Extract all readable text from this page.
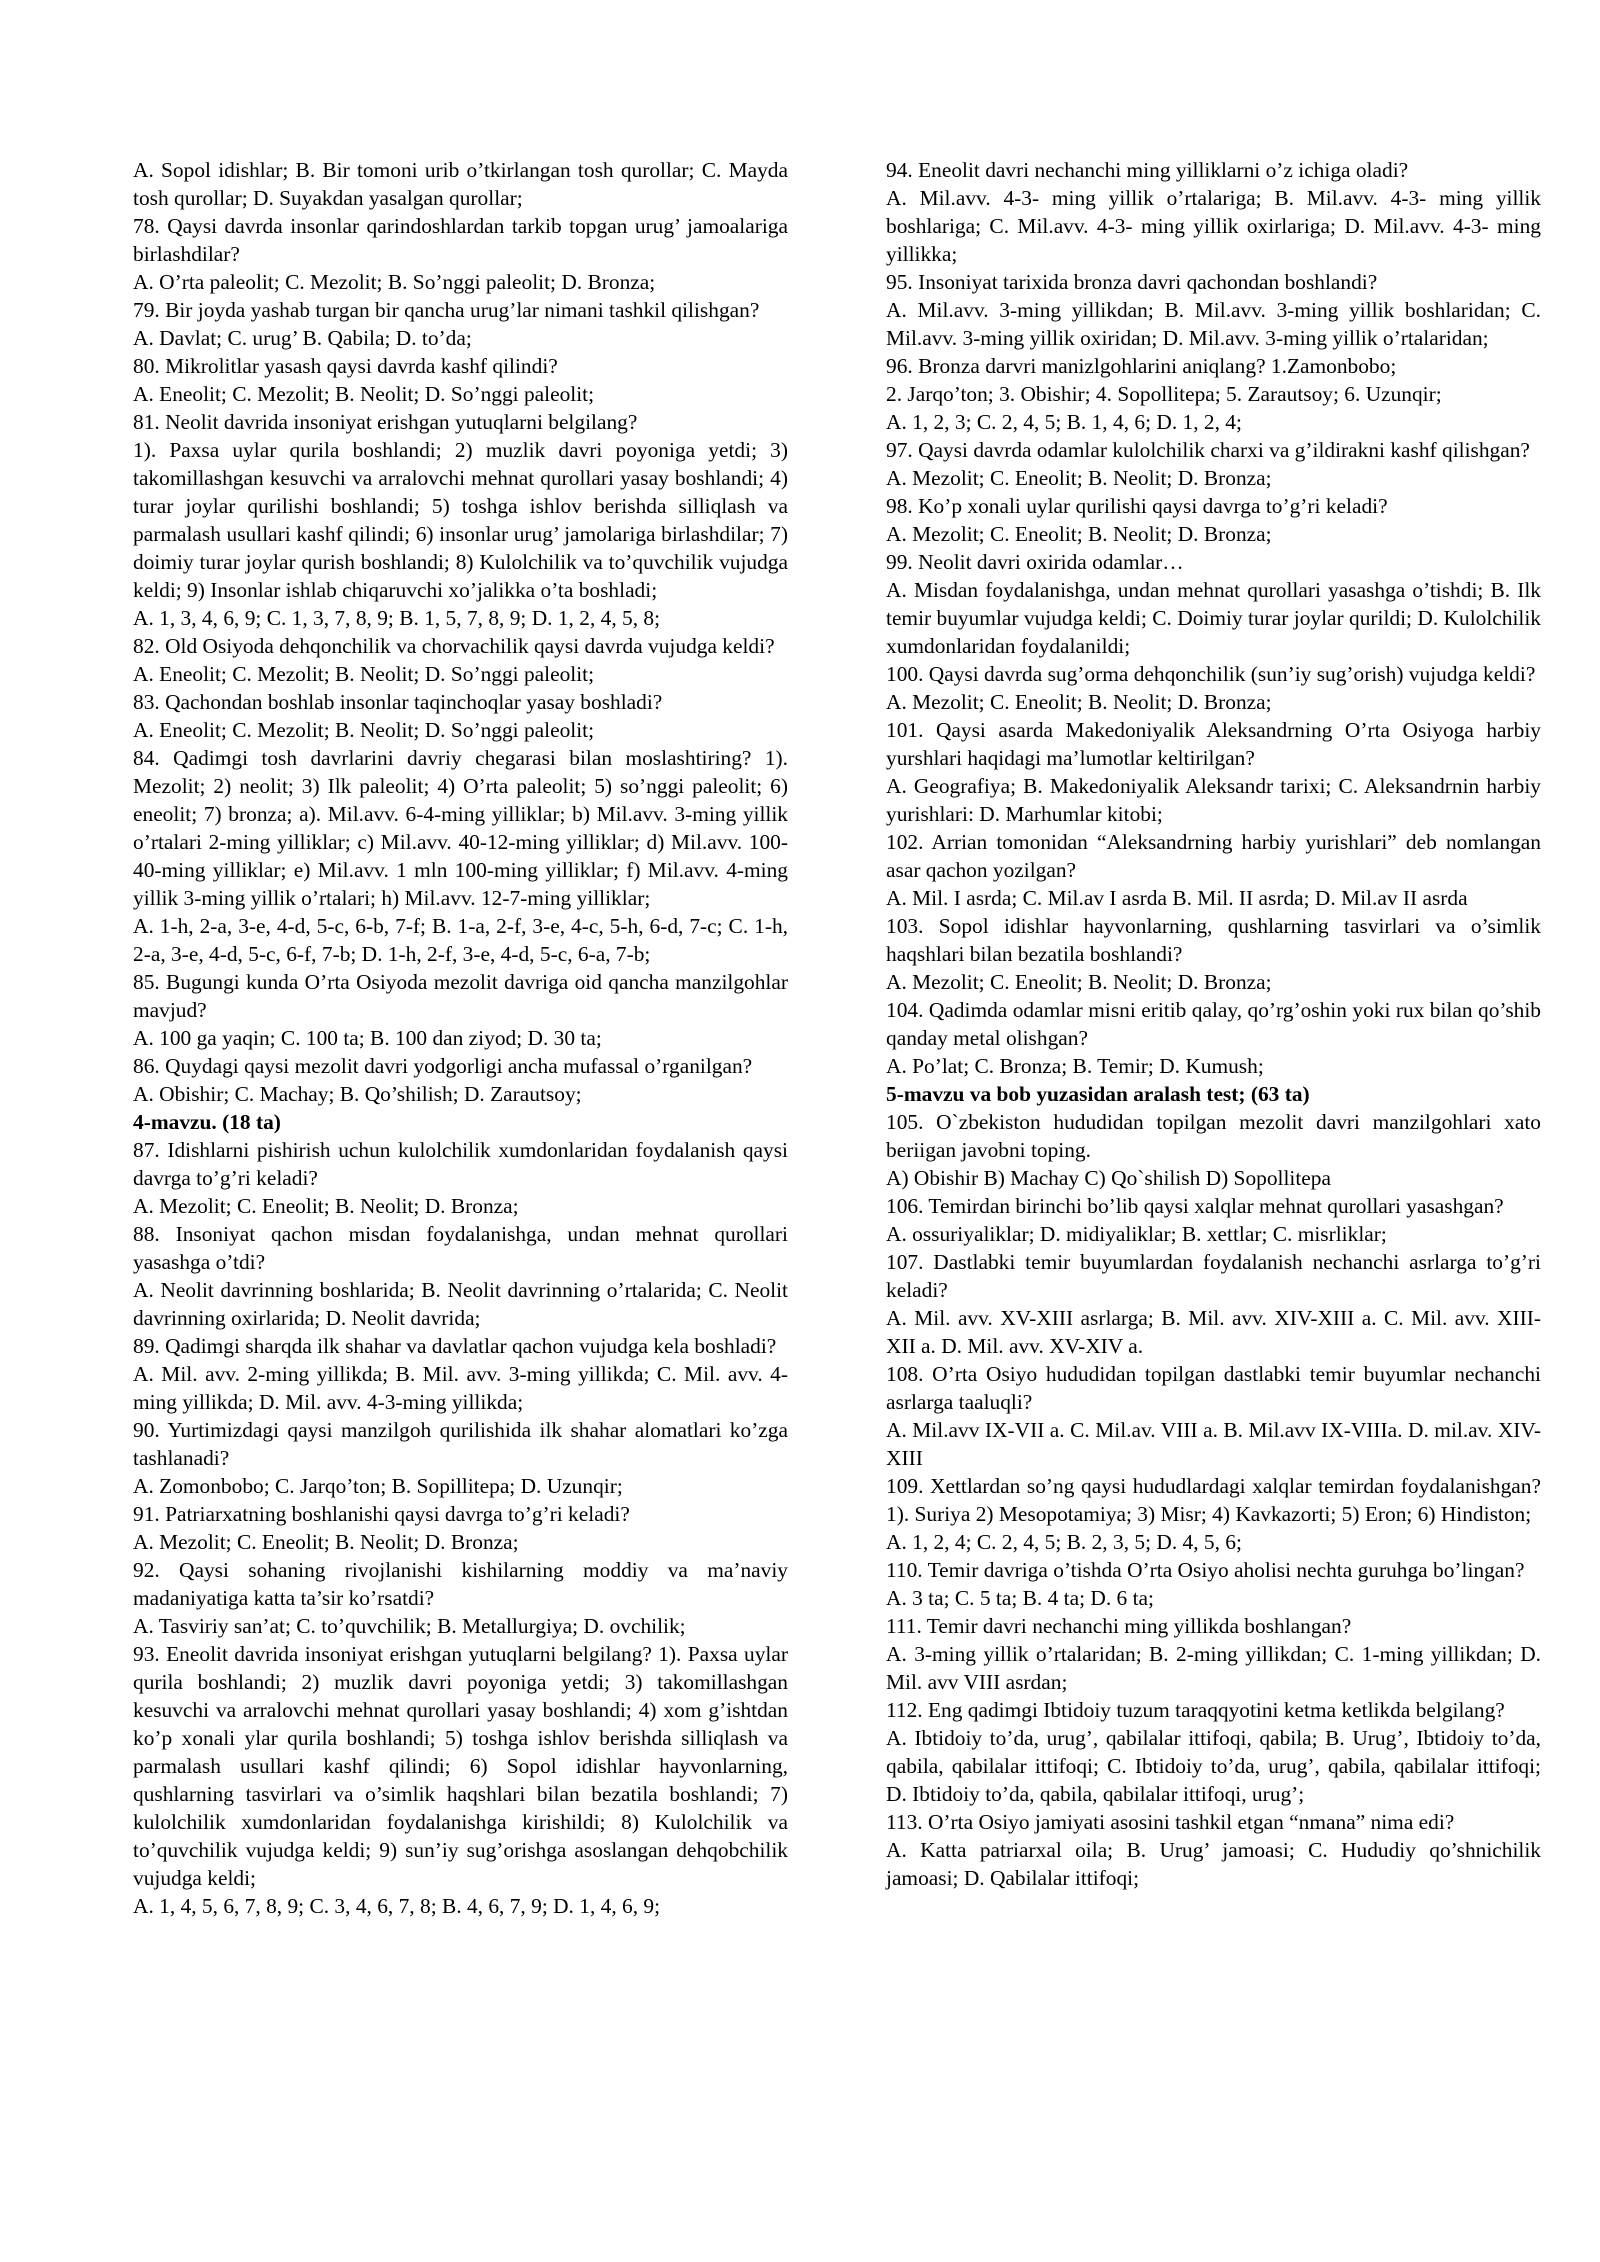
A. Sopol idishlar; B. Bir tomoni urib o’tkirlangan tosh qurollar; C. Mayda tosh qurollar; D. Suyakdan yasalgan qurollar;

78. Qaysi davrda insonlar qarindoshlardan tarkib topgan urug’ jamoalariga birlashdilar?

A. O’rta paleolit; C. Mezolit; B. So’nggi paleolit; D. Bronza;

79. Bir joyda yashab turgan bir qancha urug’lar nimani tashkil qilishgan?

A. Davlat; C. urug’ B. Qabila; D. to’da;

80. Mikrolitlar yasash qaysi davrda kashf qilindi?

A. Eneolit; C. Mezolit; B. Neolit; D. So’nggi paleolit;

81. Neolit davrida insoniyat erishgan yutuqlarni belgilang?

1). Paxsa uylar qurila boshlandi; 2) muzlik davri poyoniga yetdi; 3) takomillashgan kesuvchi va arralovchi mehnat qurollari yasay boshlandi; 4) turar joylar qurilishi boshlandi; 5) toshga ishlov berishda silliqlash va parmalash usullari kashf qilindi; 6) insonlar urug’ jamolariga birlashdilar; 7) doimiy turar joylar qurish boshlandi; 8) Kulolchilik va to’quvchilik vujudga keldi; 9) Insonlar ishlab chiqaruvchi xo’jalikka o’ta boshladi;

A. 1, 3, 4, 6, 9; C. 1, 3, 7, 8, 9; B. 1, 5, 7, 8, 9; D. 1, 2, 4, 5, 8;

82. Old Osiyoda dehqonchilik va chorvachilik qaysi davrda vujudga keldi?

A. Eneolit; C. Mezolit; B. Neolit; D. So’nggi paleolit;

83. Qachondan boshlab insonlar taqinchoqlar yasay boshladi?

A. Eneolit; C. Mezolit; B. Neolit; D. So’nggi paleolit;

84. Qadimgi tosh davrlarini davriy chegarasi bilan moslashtiring? 1). Mezolit; 2) neolit; 3) Ilk paleolit; 4) O’rta paleolit; 5) so’nggi paleolit; 6) eneolit; 7) bronza; a). Mil.avv. 6-4-ming yilliklar; b) Mil.avv. 3-ming yillik o’rtalari 2-ming yilliklar; c) Mil.avv. 40-12-ming yilliklar; d) Mil.avv. 100-40-ming yilliklar; e) Mil.avv. 1 mln 100-ming yilliklar; f) Mil.avv. 4-ming yillik 3-ming yillik o’rtalari; h) Mil.avv. 12-7-ming yilliklar;

A. 1-h, 2-a, 3-e, 4-d, 5-c, 6-b, 7-f; B. 1-a, 2-f, 3-e, 4-c, 5-h, 6-d, 7-c; C. 1-h, 2-a, 3-e, 4-d, 5-c, 6-f, 7-b; D. 1-h, 2-f, 3-e, 4-d, 5-c, 6-a, 7-b;

85. Bugungi kunda O’rta Osiyoda mezolit davriga oid qancha manzilgohlar mavjud?

A. 100 ga yaqin; C. 100 ta; B. 100 dan ziyod; D. 30 ta;

86. Quydagi qaysi mezolit davri yodgorligi ancha mufassal o’rganilgan?

A. Obishir; C. Machay; B. Qo’shilish; D. Zarautsoy;

4-mavzu. (18 ta)

87. Idishlarni pishirish uchun kulolchilik xumdonlaridan foydalanish qaysi davrga to’g’ri keladi?

A. Mezolit; C. Eneolit; B. Neolit; D. Bronza;

88. Insoniyat qachon misdan foydalanishga, undan mehnat qurollari yasashga o’tdi?

A. Neolit davrinning boshlarida; B. Neolit davrinning o’rtalarida; C. Neolit davrinning oxirlarida; D. Neolit davrida;

89. Qadimgi sharqda ilk shahar va davlatlar qachon vujudga kela boshladi?

A. Mil. avv. 2-ming yillikda; B. Mil. avv. 3-ming yillikda; C. Mil. avv. 4-ming yillikda; D. Mil. avv. 4-3-ming yillikda;

90. Yurtimizdagi qaysi manzilgoh qurilishida ilk shahar alomatlari ko’zga tashlanadi?

A. Zomonbobo; C. Jarqo’ton; B. Sopillitepa; D. Uzunqir;

91. Patriarxatning boshlanishi qaysi davrga to’g’ri keladi?

A. Mezolit; C. Eneolit; B. Neolit; D. Bronza;

92. Qaysi sohaning rivojlanishi kishilarning moddiy va ma’naviy madaniyatiga katta ta’sir ko’rsatdi?

A. Tasviriy san’at; C. to’quvchilik; B. Metallurgiya; D. ovchilik;

93. Eneolit davrida insoniyat erishgan yutuqlarni belgilang? 1). Paxsa uylar qurila boshlandi; 2) muzlik davri poyoniga yetdi; 3) takomillashgan kesuvchi va arralovchi mehnat qurollari yasay boshlandi; 4) xom g’ishtdan ko’p xonali ylar qurila boshlandi; 5) toshga ishlov berishda silliqlash va parmalash usullari kashf qilindi; 6) Sopol idishlar hayvonlarning, qushlarning tasvirlari va o’simlik haqshlari bilan bezatila boshlandi; 7) kulolchilik xumdonlaridan foydalanishga kirishildi; 8) Kulolchilik va to’quvchilik vujudga keldi; 9) sun’iy sug’orishga asoslangan dehqobchilik vujudga keldi;

A. 1, 4, 5, 6, 7, 8, 9; C. 3, 4, 6, 7, 8; B. 4, 6, 7, 9; D. 1, 4, 6, 9;

94. Eneolit davri nechanchi ming yilliklarni o’z ichiga oladi?

A. Mil.avv. 4-3- ming yillik o’rtalariga; B. Mil.avv. 4-3- ming yillik boshlariga; C. Mil.avv. 4-3- ming yillik oxirlariga; D. Mil.avv. 4-3- ming yillikka;

95. Insoniyat tarixida bronza davri qachondan boshlandi?

A. Mil.avv. 3-ming yillikdan; B. Mil.avv. 3-ming yillik boshlaridan; C. Mil.avv. 3-ming yillik oxiridan; D. Mil.avv. 3-ming yillik o’rtalaridan;

96. Bronza darvri manizlgohlarini aniqlang? 1.Zamonbobo;

2. Jarqo’ton; 3. Obishir; 4. Sopollitepa; 5. Zarautsoy; 6. Uzunqir;

A. 1, 2, 3; C. 2, 4, 5; B. 1, 4, 6; D. 1, 2, 4;

97. Qaysi davrda odamlar kulolchilik charxi va g’ildirakni kashf qilishgan?

A. Mezolit; C. Eneolit; B. Neolit; D. Bronza;

98. Ko’p xonali uylar qurilishi qaysi davrga to’g’ri keladi?

A. Mezolit; C. Eneolit; B. Neolit; D. Bronza;

99. Neolit davri oxirida odamlar…

A. Misdan foydalanishga, undan mehnat qurollari yasashga o’tishdi; B. Ilk temir buyumlar vujudga keldi; C. Doimiy turar joylar qurildi; D. Kulolchilik xumdonlaridan foydalanildi;

100. Qaysi davrda sug’orma dehqonchilik (sun’iy sug’orish) vujudga keldi?

A. Mezolit; C. Eneolit; B. Neolit; D. Bronza;

101. Qaysi asarda Makedoniyalik Aleksandrning O’rta Osiyoga harbiy yurshlari haqidagi ma’lumotlar keltirilgan?

A. Geografiya; B. Makedoniyalik Aleksandr tarixi; C. Aleksandrnin harbiy yurishlari: D. Marhumlar kitobi;

102. Arrian tomonidan “Aleksandrning harbiy yurishlari” deb nomlangan asar qachon yozilgan?

A. Mil. I asrda; C. Mil.av I asrda B. Mil. II asrda; D. Mil.av II asrda

103. Sopol idishlar hayvonlarning, qushlarning tasvirlari va o’simlik haqshlari bilan bezatila boshlandi?

A. Mezolit; C. Eneolit; B. Neolit; D. Bronza;

104. Qadimda odamlar misni eritib qalay, qo’rg’oshin yoki rux bilan qo’shib qanday metal olishgan?

A. Po’lat; C. Bronza; B. Temir; D. Kumush;

5-mavzu va bob yuzasidan aralash test; (63 ta)

105. O`zbekiston hududidan topilgan mezolit davri manzilgohlari xato beriigan javobni toping.

A) Obishir B) Machay C) Qo`shilish D) Sopollitepa

106. Temirdan birinchi bo’lib qaysi xalqlar mehnat qurollari yasashgan?

A. ossuriyaliklar; D. midiyaliklar; B. xettlar; C. misrliklar;

107. Dastlabki temir buyumlardan foydalanish nechanchi asrlarga to’g’ri keladi?

A. Mil. avv. XV-XIII asrlarga; B. Mil. avv. XIV-XIII a. C. Mil. avv. XIII-XII a. D. Mil. avv. XV-XIV a.

108. O’rta Osiyo hududidan topilgan dastlabki temir buyumlar nechanchi asrlarga taaluqli?

A. Mil.avv IX-VII a. C. Mil.av. VIII a. B. Mil.avv IX-VIIIa. D. mil.av. XIV-XIII

109. Xettlardan so’ng qaysi hududlardagi xalqlar temirdan foydalanishgan? 1). Suriya 2) Mesopotamiya; 3) Misr; 4) Kavkazorti; 5) Eron; 6) Hindiston;

A. 1, 2, 4; C. 2, 4, 5; B. 2, 3, 5; D. 4, 5, 6;

110. Temir davriga o’tishda O’rta Osiyo aholisi nechta guruhga bo’lingan?

A. 3 ta; C. 5 ta; B. 4 ta; D. 6 ta;

111. Temir davri nechanchi ming yillikda boshlangan?

A. 3-ming yillik o’rtalaridan; B. 2-ming yillikdan; C. 1-ming yillikdan; D. Mil. avv VIII asrdan;

112. Eng qadimgi Ibtidoiy tuzum taraqqyotini ketma ketlikda belgilang?

A. Ibtidoiy to’da, urug’, qabilalar ittifoqi, qabila; B. Urug’, Ibtidoiy to’da, qabila, qabilalar ittifoqi; C. Ibtidoiy to’da, urug’, qabila, qabilalar ittifoqi; D. Ibtidoiy to’da, qabila, qabilalar ittifoqi, urug’;

113. O’rta Osiyo jamiyati asosini tashkil etgan “nmana” nima edi?

A. Katta patriarxal oila; B. Urug’ jamoasi; C. Hududiy qo’shnichilik jamoasi; D. Qabilalar ittifoqi;
